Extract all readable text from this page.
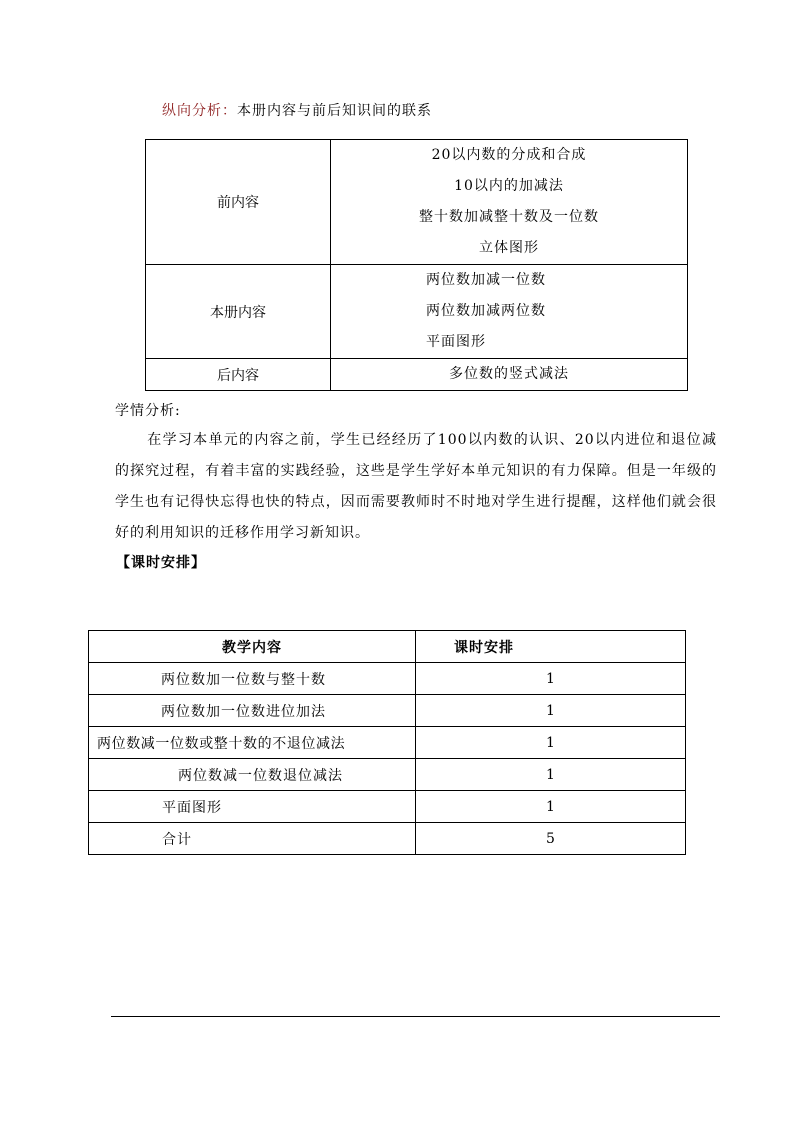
纵向分析：本册内容与前后知识间的联系
前内容	20以内数的分成和合成
10以内的加减法
整十数加减整十数及一位数
立体图形

本册内容	两位数加减一位数
两位数加减两位数
平面图形

后内容	多位数的竖式减法
学情分析:
在学习本单元的内容之前，学生已经经历了100以内数的认识、20以内进位和退位减的探究过程，有着丰富的实践经验，这些是学生学好本单元知识的有力保障。但是一年级的学生也有记得快忘得也快的特点，因而需要教师时不时地对学生进行提醒，这样他们就会很好的利用知识的迁移作用学习新知识。
【课时安排】
教学内容	课时安排
两位数加一位数与整十数	1
两位数加一位数进位加法	1
两位数减一位数或整十数的不退位减法	1
两位数减一位数退位减法	1
平面图形	1
合计	5
